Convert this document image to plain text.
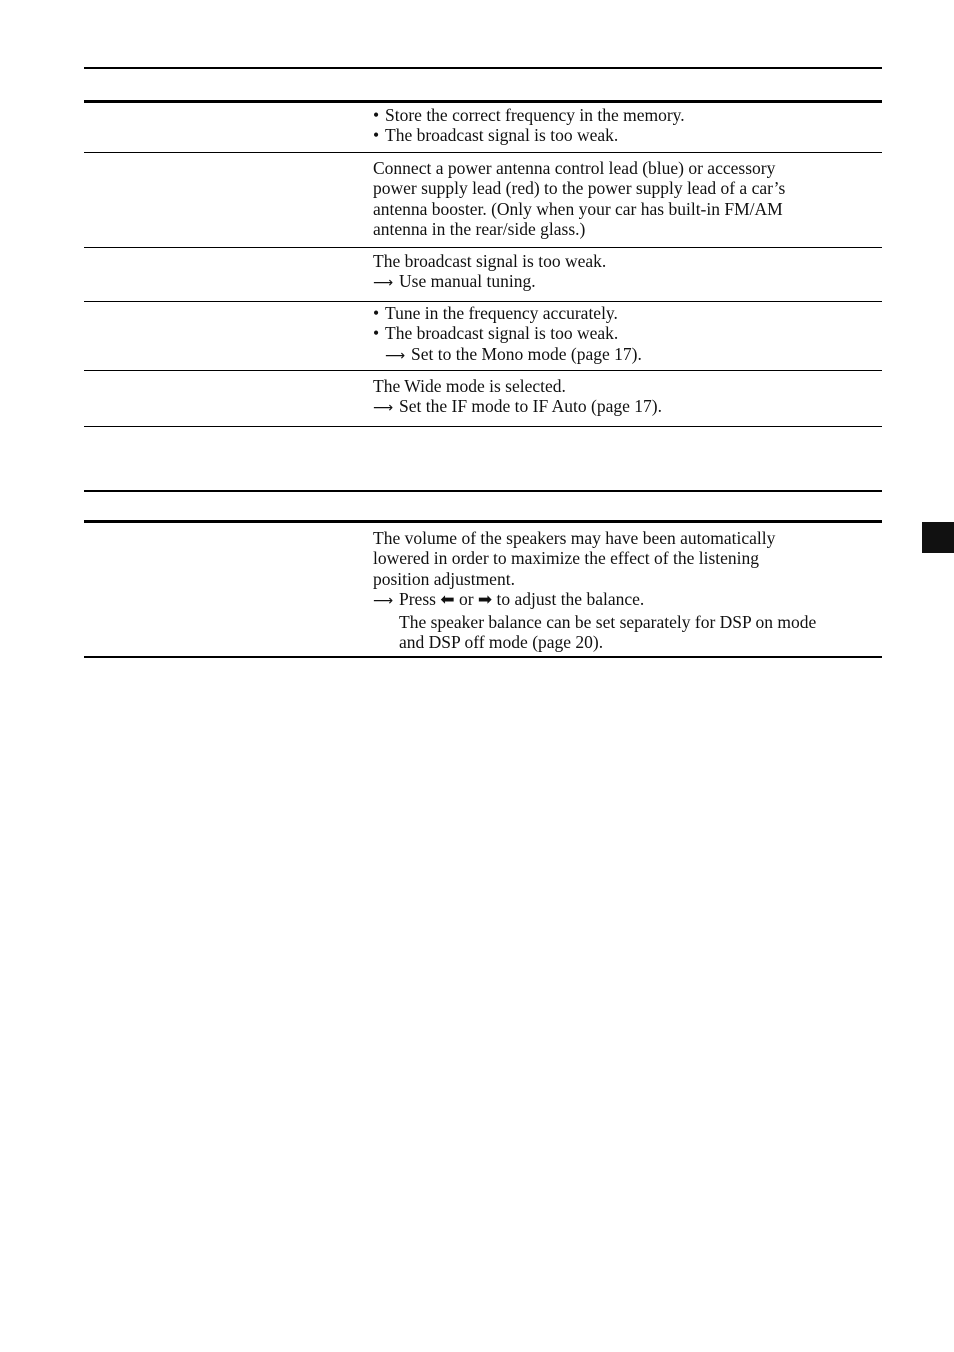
• Store the correct frequency in the memory.
• The broadcast signal is too weak.
Connect a power antenna control lead (blue) or accessory
power supply lead (red) to the power supply lead of a car’s
antenna booster. (Only when your car has built-in FM/AM
antenna in the rear/side glass.)
The broadcast signal is too weak.
⟶ Use manual tuning.
• Tune in the frequency accurately.
• The broadcast signal is too weak.
⟶ Set to the Mono mode (page 17).
The Wide mode is selected.
⟶ Set the IF mode to IF Auto (page 17).
The volume of the speakers may have been automatically
lowered in order to maximize the effect of the listening
position adjustment.
⟶ Press ⬅ or ➡ to adjust the balance.
The speaker balance can be set separately for DSP on mode
and DSP off mode (page 20).
